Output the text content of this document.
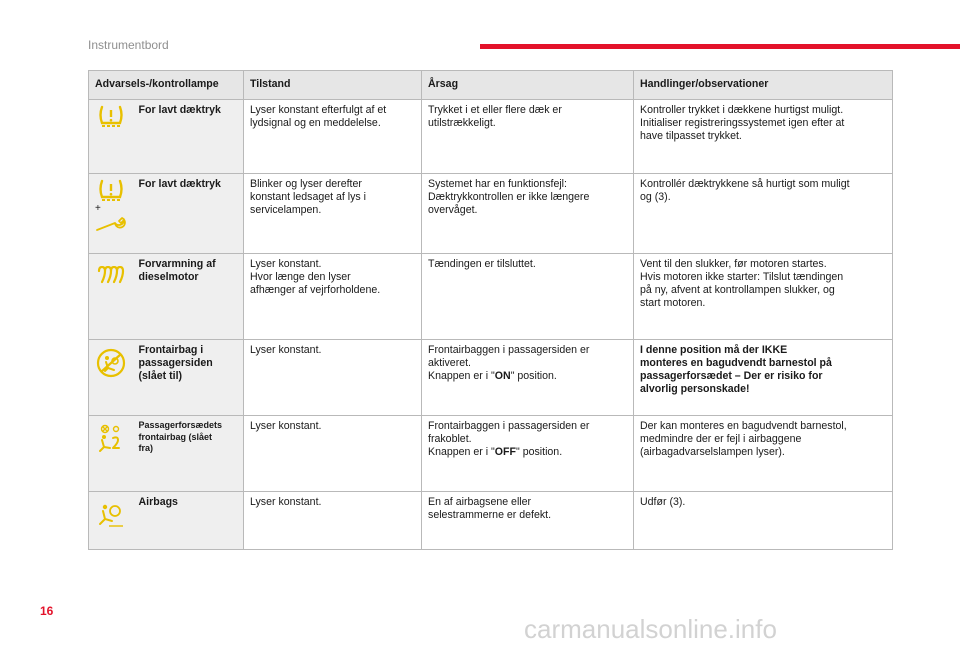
Instrumentbord
Advarsels-/kontrollampe		Tilstand	Årsag	Handlinger/observationer

	For lavt dæktryk	Lyser konstant efterfulgt af et
lydsignal og en meddelelse.	Trykket i et eller flere dæk er
utilstrækkeligt.	Kontroller trykket i dækkene hurtigst muligt.
Initialiser registreringssystemet igen efter at
have tilpasset trykket.

+	For lavt dæktryk	Blinker og lyser derefter
konstant ledsaget af lys i
servicelampen.	Systemet har en funktionsfejl:
Dæktrykkontrollen er ikke længere
overvåget.	Kontrollér dæktrykkene så hurtigt som muligt
og (3).

	Forvarmning af
dieselmotor	Lyser konstant.
Hvor længe den lyser
afhænger af vejrforholdene.	Tændingen er tilsluttet.	Vent til den slukker, før motoren startes.
Hvis motoren ikke starter: Tilslut tændingen
på ny, afvent at kontrollampen slukker, og
start motoren.

	Frontairbag i
passagersiden
(slået til)	Lyser konstant.	Frontairbaggen i passagersiden er
aktiveret.
Knappen er i "ON" position.	I denne position må der IKKE
monteres en bagudvendt barnestol på
passagerforsædet – Der er risiko for
alvorlig personskade!

	Passagerforsædets
frontairbag (slået
fra)	Lyser konstant.	Frontairbaggen i passagersiden er
frakoblet.
Knappen er i "OFF" position.	Der kan monteres en bagudvendt barnestol,
medmindre der er fejl i airbaggene
(airbagadvarselslampen lyser).

	Airbags	Lyser konstant.	En af airbagsene eller
selestrammerne er defekt.	Udfør (3).
16
carmanualsonline.info
